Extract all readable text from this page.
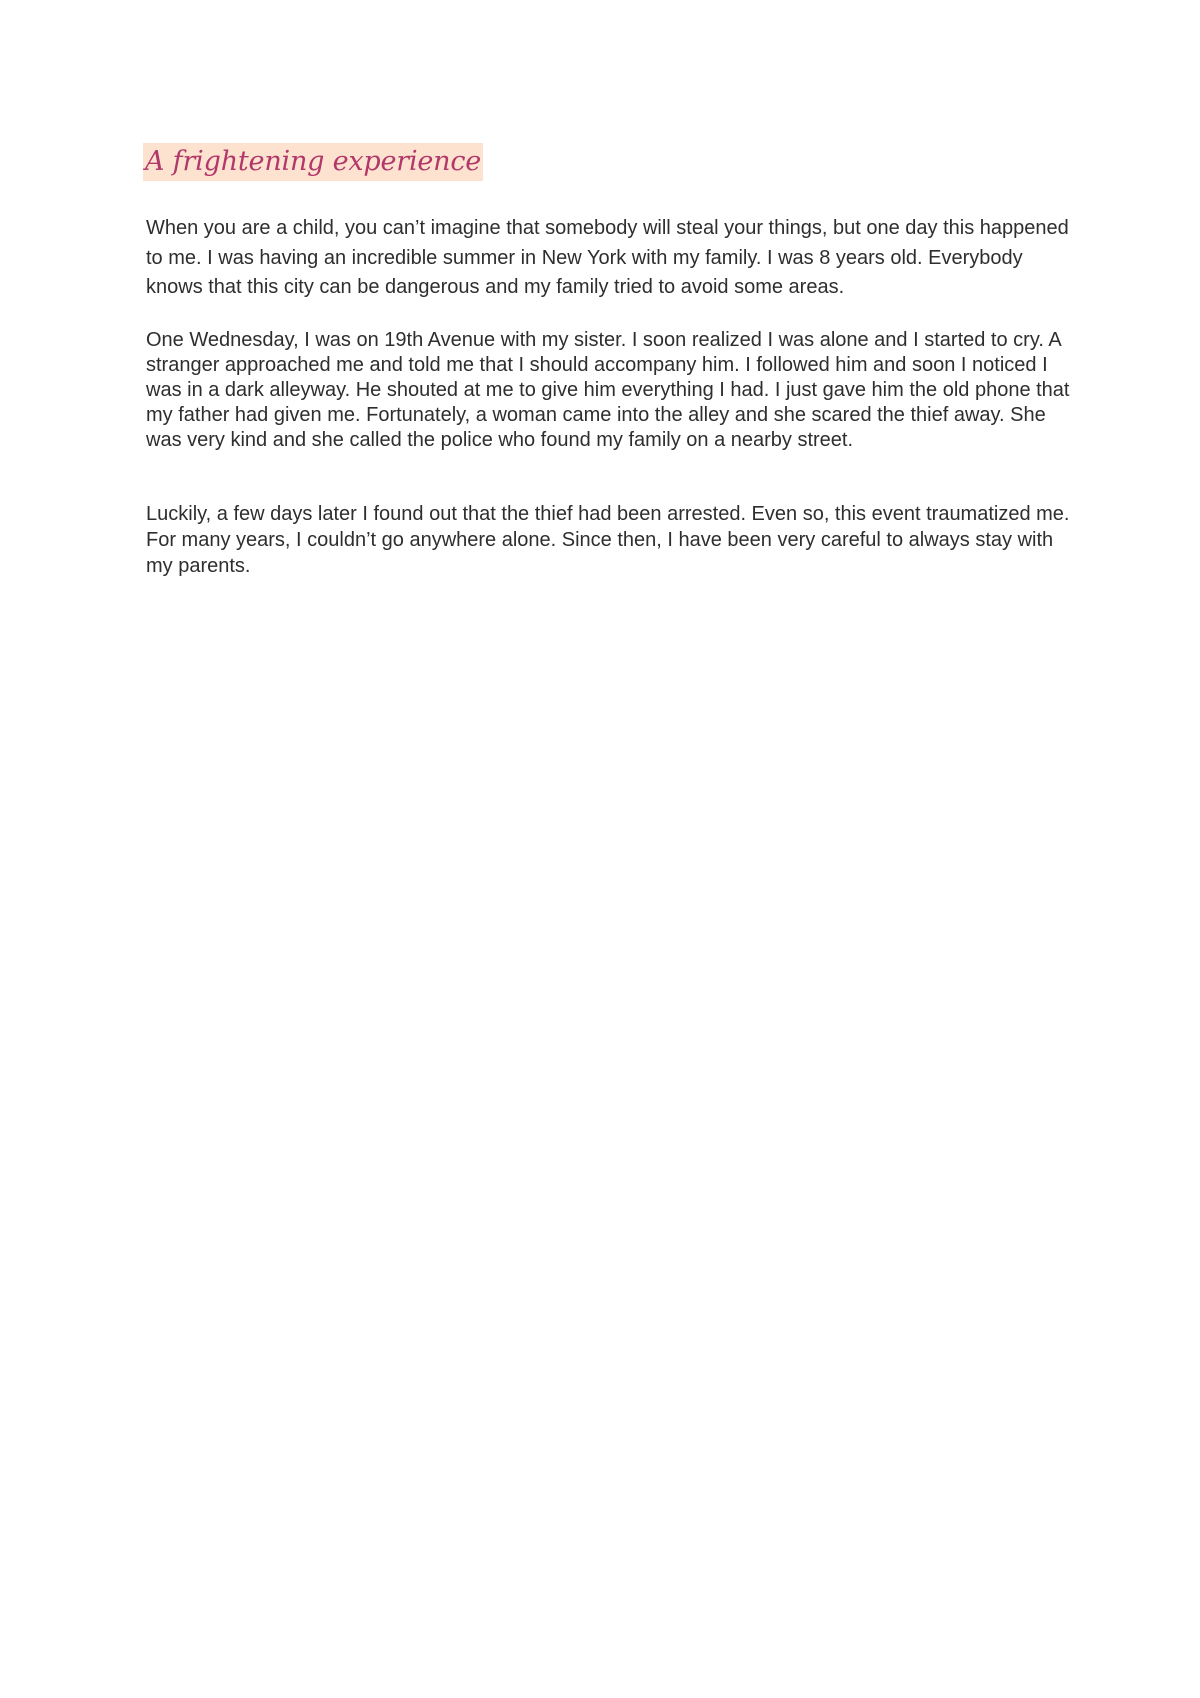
A frightening experience

When you are a child, you can’t imagine that somebody will steal your things, but one day this happened to me. I was having an incredible summer in New York with my family. I was 8 years old. Everybody knows that this city can be dangerous and my family tried to avoid some areas.

One Wednesday, I was on 19th Avenue with my sister. I soon realized I was alone and I started to cry. A stranger approached me and told me that I should accompany him. I followed him and soon I noticed I was in a dark alleyway. He shouted at me to give him everything I had. I just gave him the old phone that my father had given me. Fortunately, a woman came into the alley and she scared the thief away. She was very kind and she called the police who found my family on a nearby street.

Luckily, a few days later I found out that the thief had been arrested. Even so, this event traumatized me. For many years, I couldn’t go anywhere alone. Since then, I have been very careful to always stay with my parents.
